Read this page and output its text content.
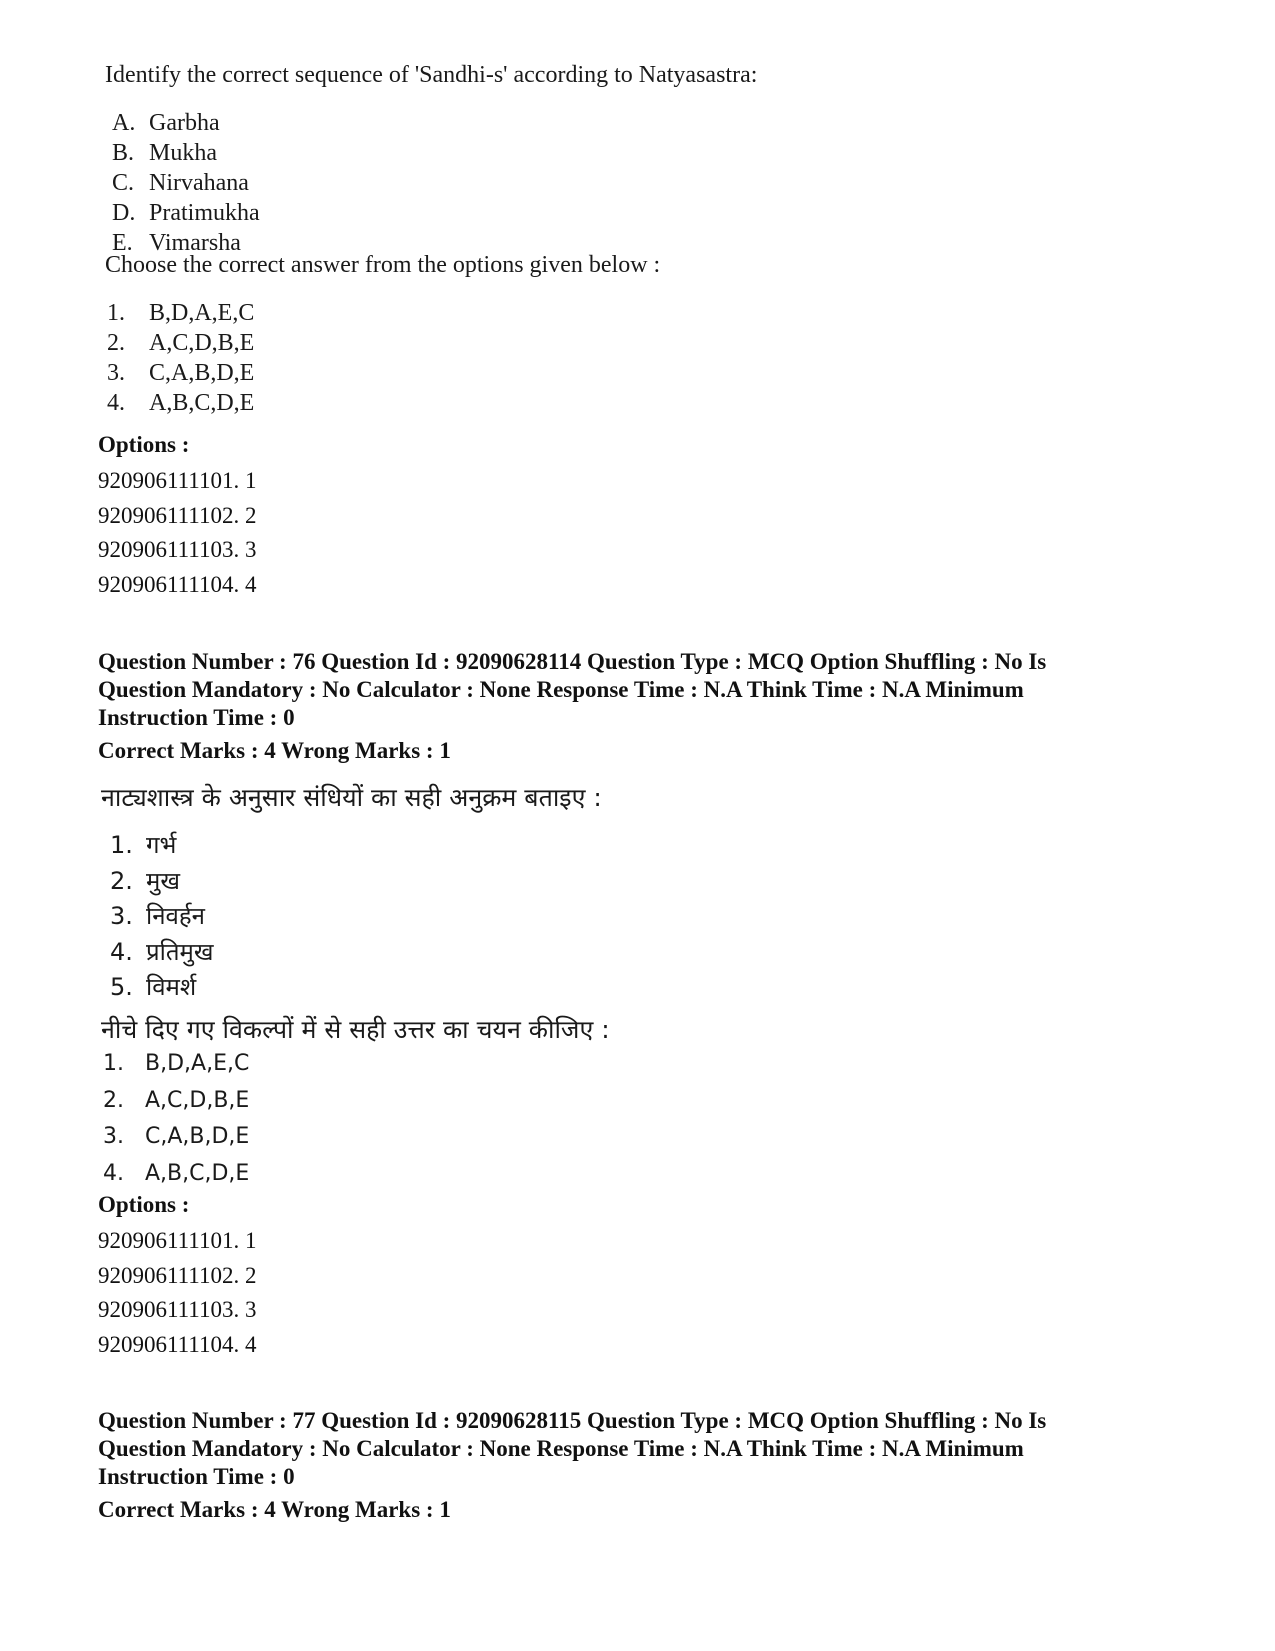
Identify the correct sequence of 'Sandhi-s' according to Natyasastra:
A. Garbha
B. Mukha
C. Nirvahana
D. Pratimukha
E. Vimarsha
Choose the correct answer from the options given below :
1.	B,D,A,E,C
2.	A,C,D,B,E
3.	C,A,B,D,E
4.	A,B,C,D,E
Options :
920906111101. 1
920906111102. 2
920906111103. 3
920906111104. 4
Question Number : 76 Question Id : 92090628114 Question Type : MCQ Option Shuffling : No Is
Question Mandatory : No Calculator : None Response Time : N.A Think Time : N.A Minimum
Instruction Time : 0
Correct Marks : 4 Wrong Marks : 1
नाट्यशास्त्र के अनुसार संधियों का सही अनुक्रम बताइए :
1. गर्भ
2. मुख
3. निवर्हन
4. प्रतिमुख
5. विमर्श
नीचे दिए गए विकल्पों में से सही उत्तर का चयन कीजिए :
1. B,D,A,E,C
2. A,C,D,B,E
3. C,A,B,D,E
4. A,B,C,D,E
Options :
920906111101. 1
920906111102. 2
920906111103. 3
920906111104. 4
Question Number : 77 Question Id : 92090628115 Question Type : MCQ Option Shuffling : No Is
Question Mandatory : No Calculator : None Response Time : N.A Think Time : N.A Minimum
Instruction Time : 0
Correct Marks : 4 Wrong Marks : 1
